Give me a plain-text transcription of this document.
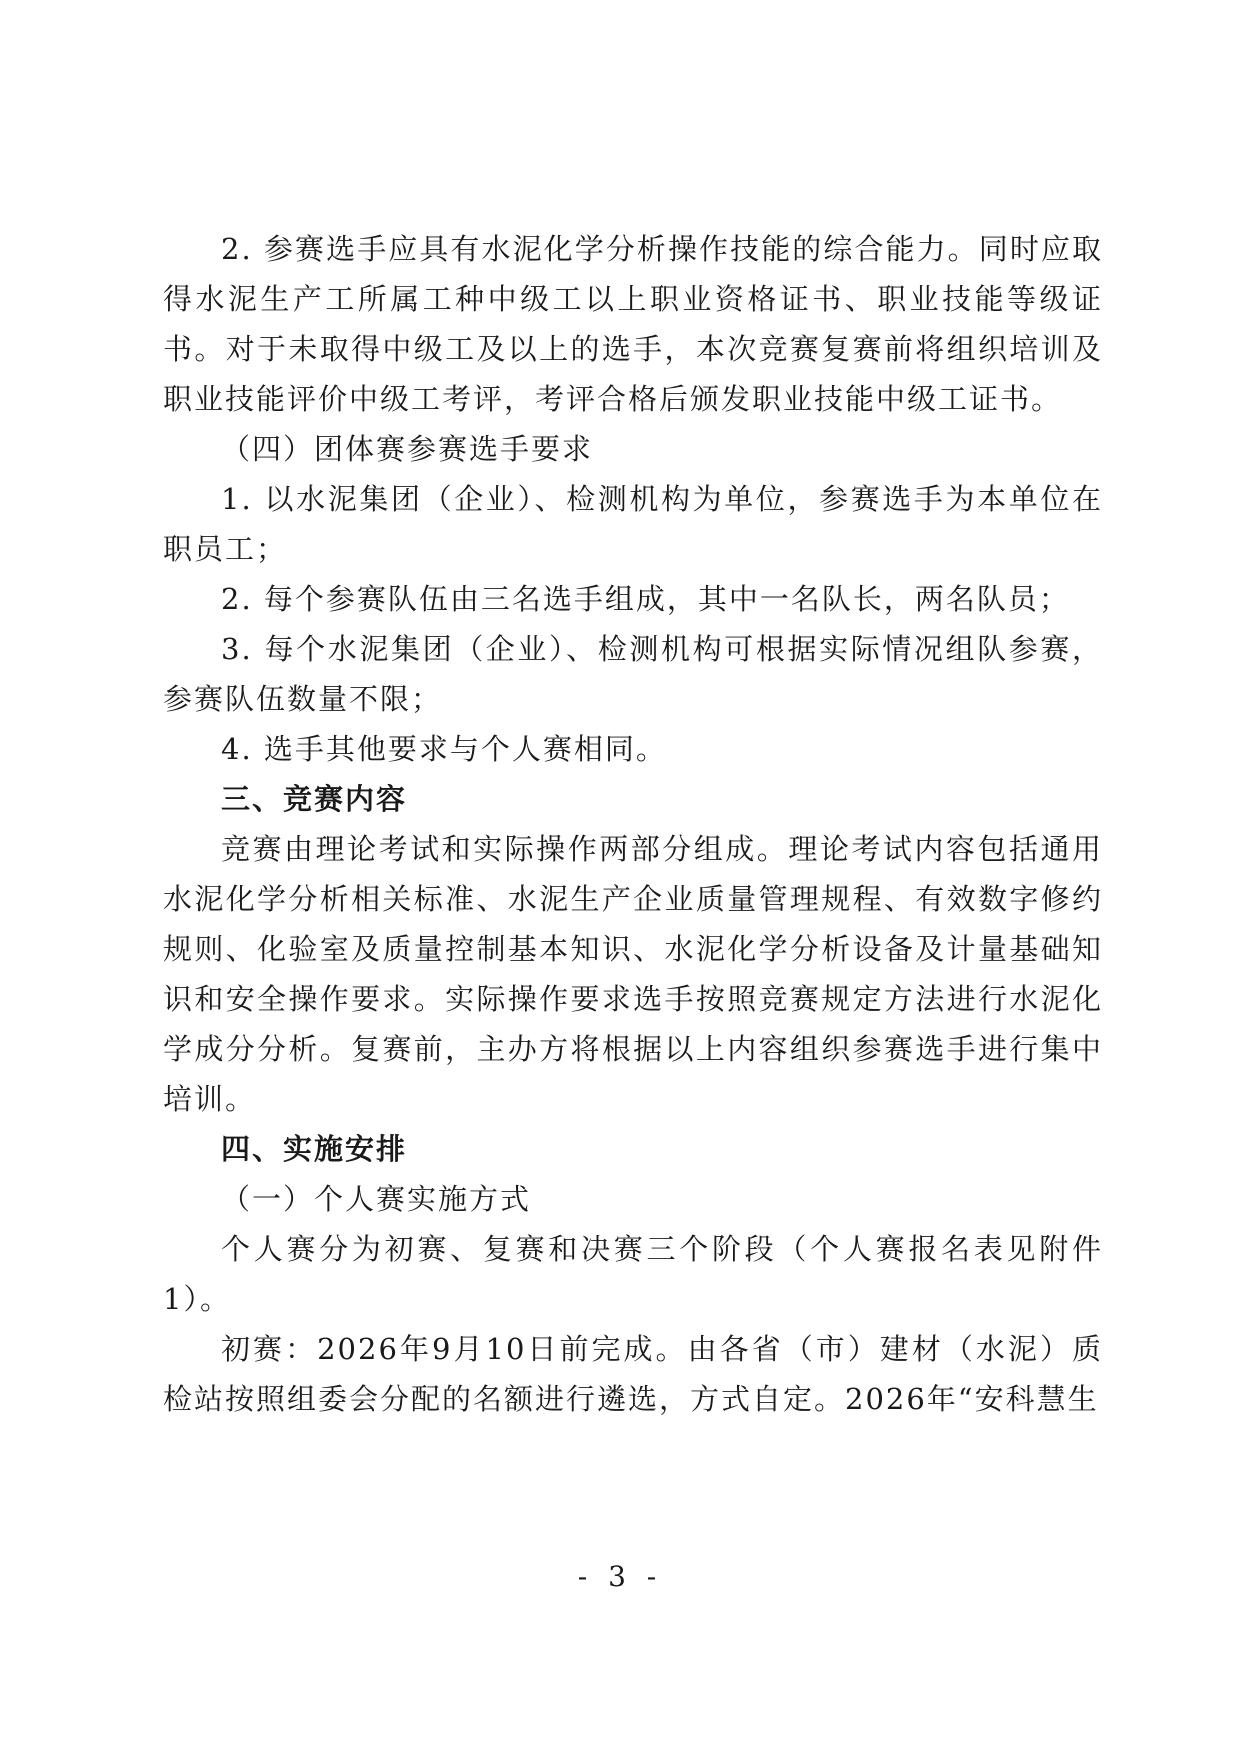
2. 参赛选手应具有水泥化学分析操作技能的综合能力。同时应取得水泥生产工所属工种中级工以上职业资格证书、职业技能等级证书。对于未取得中级工及以上的选手，本次竞赛复赛前将组织培训及职业技能评价中级工考评，考评合格后颁发职业技能中级工证书。

（四）团体赛参赛选手要求

1. 以水泥集团（企业）、检测机构为单位，参赛选手为本单位在职员工；

2. 每个参赛队伍由三名选手组成，其中一名队长，两名队员；

3. 每个水泥集团（企业）、检测机构可根据实际情况组队参赛，参赛队伍数量不限；

4. 选手其他要求与个人赛相同。

三、竞赛内容

竞赛由理论考试和实际操作两部分组成。理论考试内容包括通用水泥化学分析相关标准、水泥生产企业质量管理规程、有效数字修约规则、化验室及质量控制基本知识、水泥化学分析设备及计量基础知识和安全操作要求。实际操作要求选手按照竞赛规定方法进行水泥化学成分分析。复赛前，主办方将根据以上内容组织参赛选手进行集中培训。

四、实施安排

（一）个人赛实施方式

个人赛分为初赛、复赛和决赛三个阶段（个人赛报名表见附件1）。

初赛：2026年9月10日前完成。由各省（市）建材（水泥）质检站按照组委会分配的名额进行遴选，方式自定。2026年“安科慧生

- 3 -
